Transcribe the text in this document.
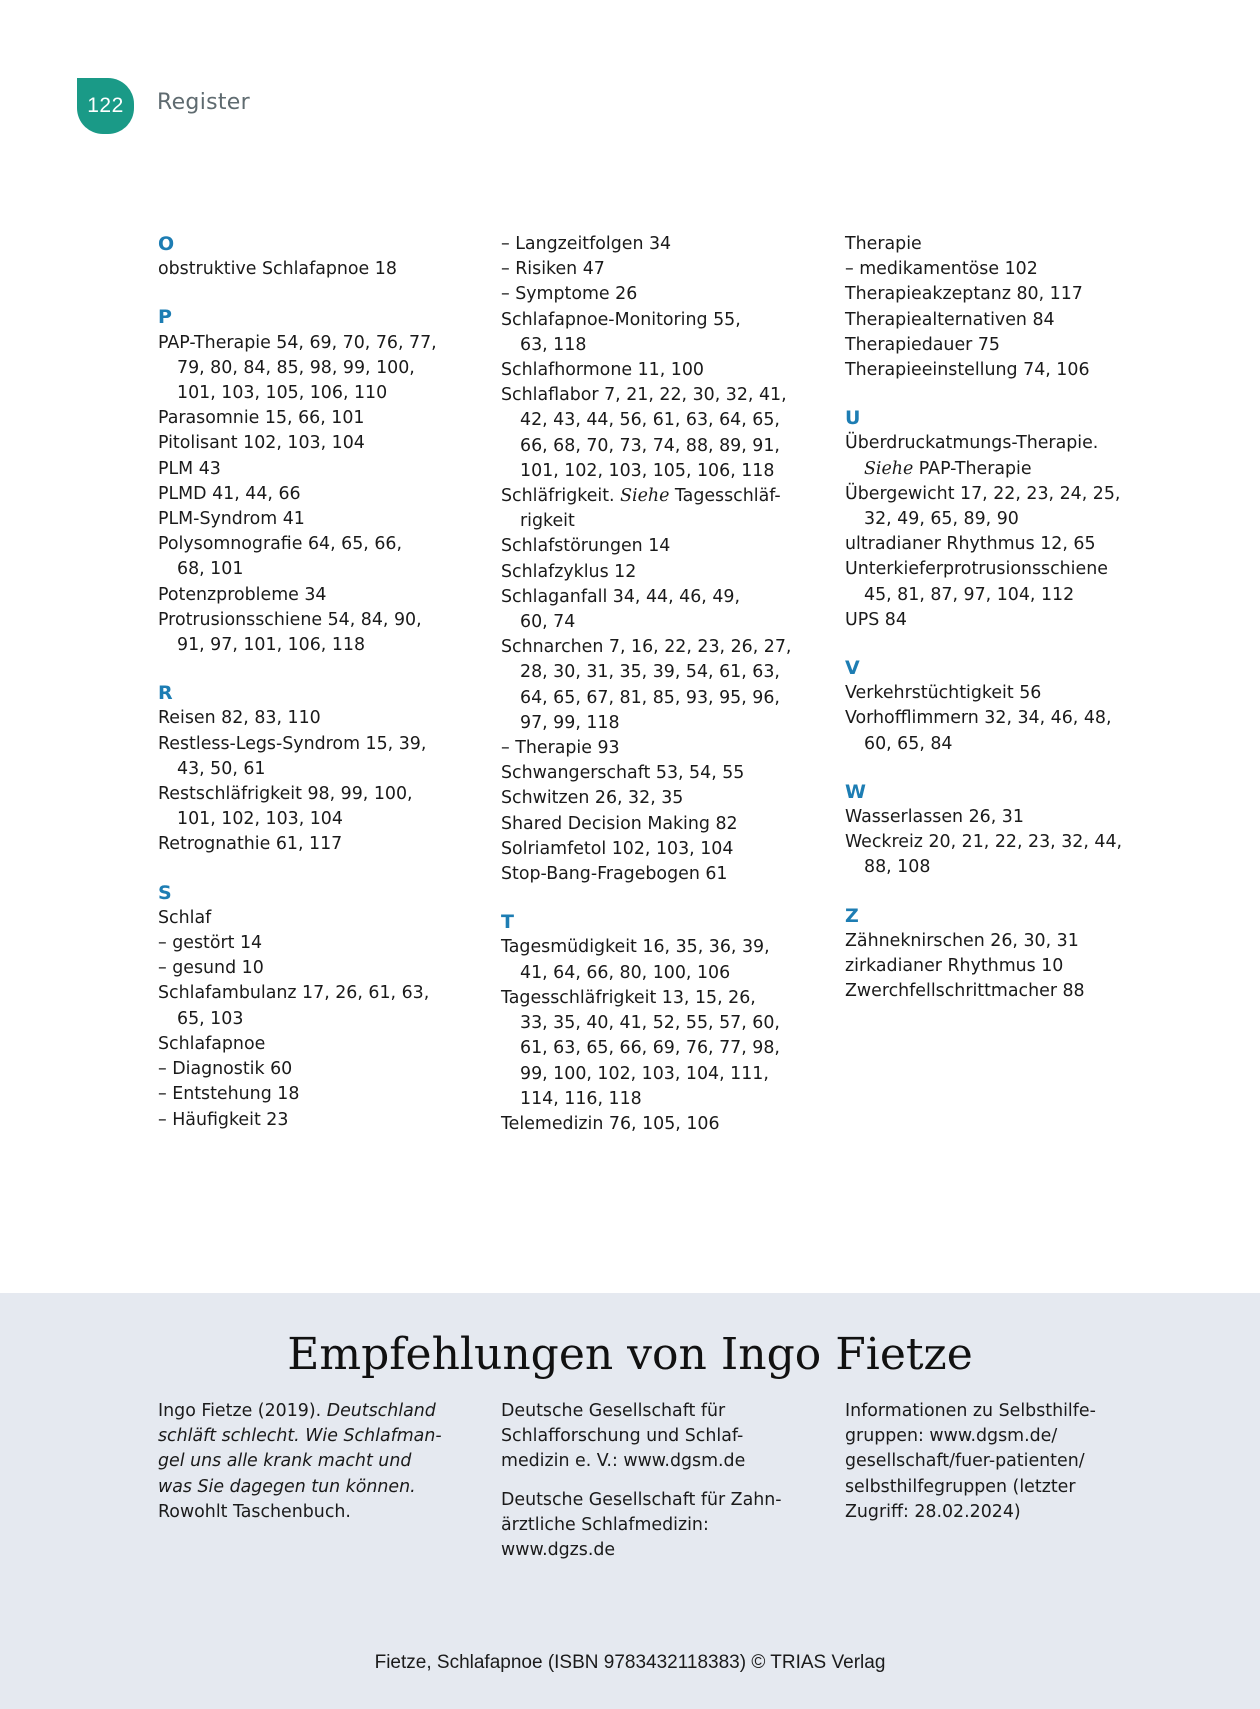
122	Register
O
obstruktive Schlafapnoe 18
P
PAP-Therapie 54, 69, 70, 76, 77,
79, 80, 84, 85, 98, 99, 100,
101, 103, 105, 106, 110
Parasomnie 15, 66, 101
Pitolisant 102, 103, 104
PLM 43
PLMD 41, 44, 66
PLM-Syndrom 41
Polysomnografie 64, 65, 66,
68, 101
Potenzprobleme 34
Protrusionsschiene 54, 84, 90,
91, 97, 101, 106, 118
R
Reisen 82, 83, 110
Restless-Legs-Syndrom 15, 39,
43, 50, 61
Restschläfrigkeit 98, 99, 100,
101, 102, 103, 104
Retrognathie 61, 117
S
Schlaf
– gestört 14
– gesund 10
Schlafambulanz 17, 26, 61, 63,
65, 103
Schlafapnoe
– Diagnostik 60
– Entstehung 18
– Häufigkeit 23
– Langzeitfolgen 34
– Risiken 47
– Symptome 26
Schlafapnoe-Monitoring 55,
63, 118
Schlafhormone 11, 100
Schlaflabor 7, 21, 22, 30, 32, 41,
42, 43, 44, 56, 61, 63, 64, 65,
66, 68, 70, 73, 74, 88, 89, 91,
101, 102, 103, 105, 106, 118
Schläfrigkeit. Siehe Tagesschläf-
rigkeit
Schlafstörungen 14
Schlafzyklus 12
Schlaganfall 34, 44, 46, 49,
60, 74
Schnarchen 7, 16, 22, 23, 26, 27,
28, 30, 31, 35, 39, 54, 61, 63,
64, 65, 67, 81, 85, 93, 95, 96,
97, 99, 118
– Therapie 93
Schwangerschaft 53, 54, 55
Schwitzen 26, 32, 35
Shared Decision Making 82
Solriamfetol 102, 103, 104
Stop-Bang-Fragebogen 61
T
Tagesmüdigkeit 16, 35, 36, 39,
41, 64, 66, 80, 100, 106
Tagesschläfrigkeit 13, 15, 26,
33, 35, 40, 41, 52, 55, 57, 60,
61, 63, 65, 66, 69, 76, 77, 98,
99, 100, 102, 103, 104, 111,
114, 116, 118
Telemedizin 76, 105, 106
Therapie
– medikamentöse 102
Therapieakzeptanz 80, 117
Therapiealternativen 84
Therapiedauer 75
Therapieeinstellung 74, 106
U
Überdruckatmungs-Therapie.
Siehe PAP-Therapie
Übergewicht 17, 22, 23, 24, 25,
32, 49, 65, 89, 90
ultradianer Rhythmus 12, 65
Unterkieferprotrusionsschiene
45, 81, 87, 97, 104, 112
UPS 84
V
Verkehrstüchtigkeit 56
Vorhofflimmern 32, 34, 46, 48,
60, 65, 84
W
Wasserlassen 26, 31
Weckreiz 20, 21, 22, 23, 32, 44,
88, 108
Z
Zähneknirschen 26, 30, 31
zirkadianer Rhythmus 10
Zwerchfellschrittmacher 88
Empfehlungen von Ingo Fietze

Ingo Fietze (2019). Deutschland
schläft schlecht. Wie Schlafman-
gel uns alle krank macht und
was Sie dagegen tun können.
Rowohlt Taschenbuch.

Deutsche Gesellschaft für
Schlafforschung und Schlaf-
medizin e. V.: www.dgsm.de

Deutsche Gesellschaft für Zahn-
ärztliche Schlafmedizin:
www.dgzs.de

Informationen zu Selbsthilfe-
gruppen: www.dgsm.de/
gesellschaft/fuer-patienten/
selbsthilfegruppen (letzter
Zugriff: 28.02.2024)

Fietze, Schlafapnoe (ISBN 9783432118383) © TRIAS Verlag
